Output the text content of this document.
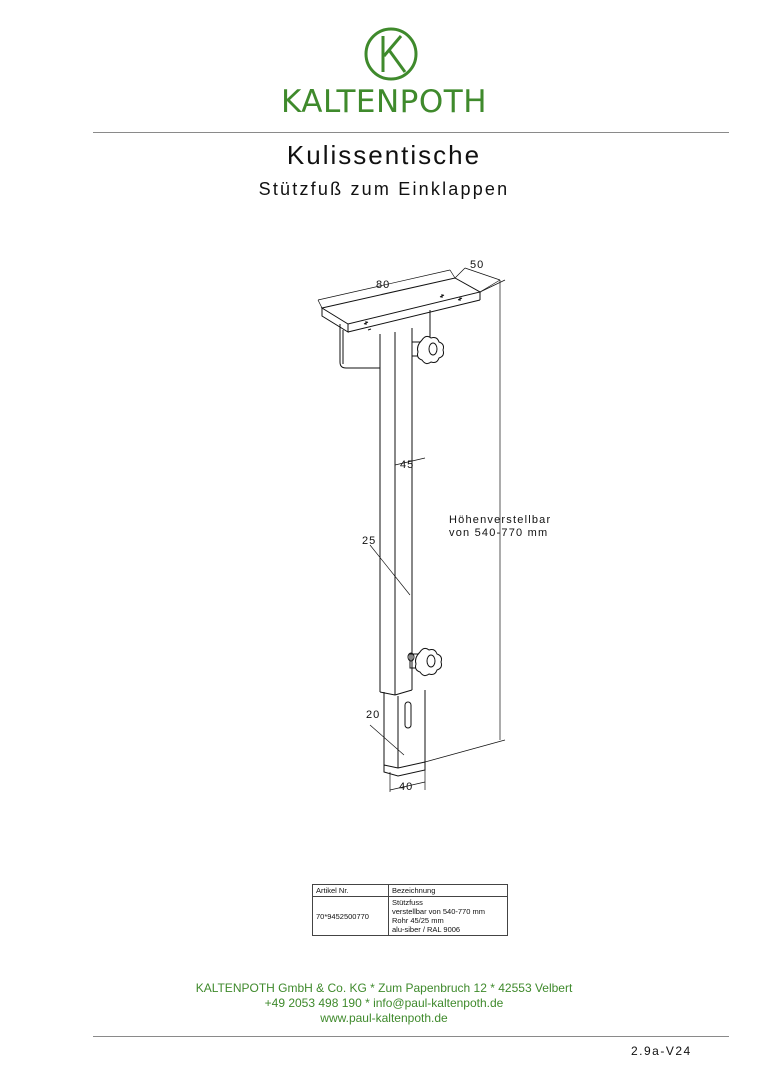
KALTENPOTH
Kulissentische
Stützfuß zum Einklappen
80
50
45
25
20
40
Höhenverstellbar
von 540-770 mm
Artikel Nr.	Bezeichnung
70*9452500770	Stützfuss
verstellbar von 540-770 mm
Rohr 45/25 mm
alu-siber / RAL 9006
KALTENPOTH GmbH & Co. KG * Zum Papenbruch 12 * 42553 Velbert
+49 2053 498 190 * info@paul-kaltenpoth.de
www.paul-kaltenpoth.de
2.9a-V24
